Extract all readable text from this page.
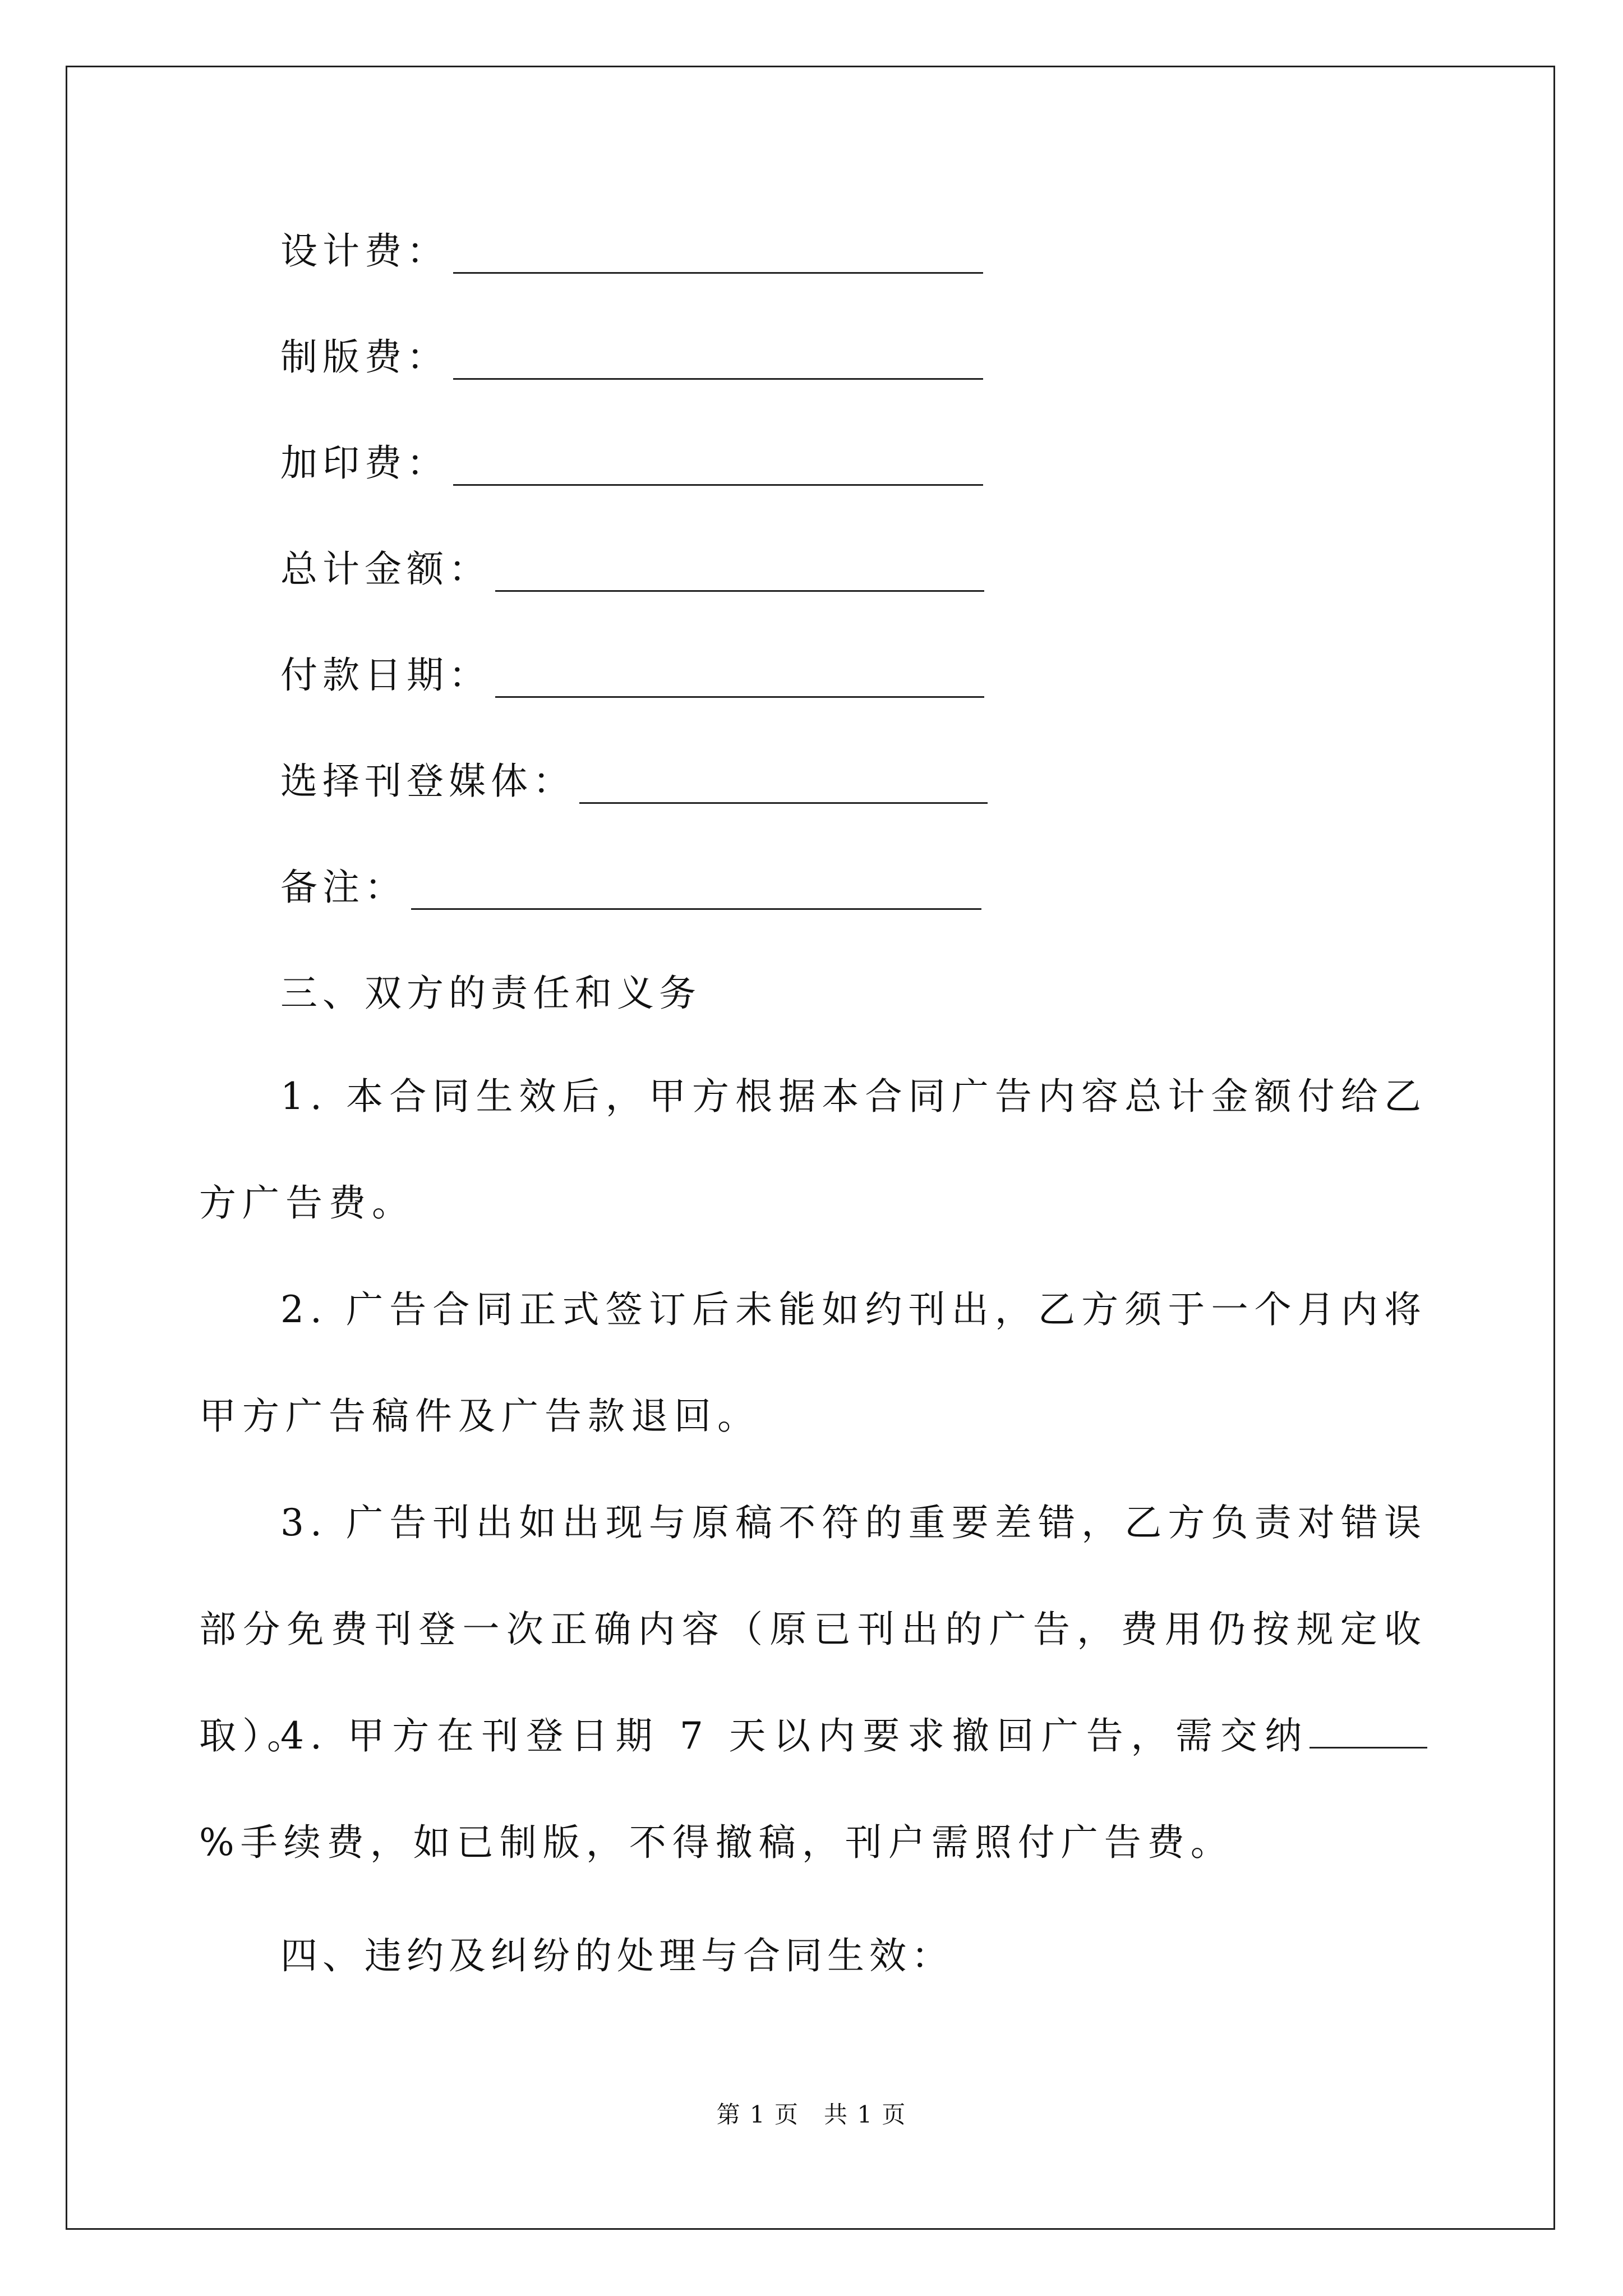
设计费：
制版费：
加印费：
总计金额：
付款日期：
选择刊登媒体：
备注：
三、双方的责任和义务
1. 本合同生效后，甲方根据本合同广告内容总计金额付给乙方广告费。
2. 广告合同正式签订后未能如约刊出，乙方须于一个月内将甲方广告稿件及广告款退回。
3. 广告刊出如出现与原稿不符的重要差错，乙方负责对错误部分免费刊登一次正确内容（原已刊出的广告，费用仍按规定收取）。
4. 甲方在刊登日期 7 天以内要求撤回广告，需交纳%手续费，如已制版，不得撤稿，刊户需照付广告费。
四、违约及纠纷的处理与合同生效：
第 1 页　共 1 页
